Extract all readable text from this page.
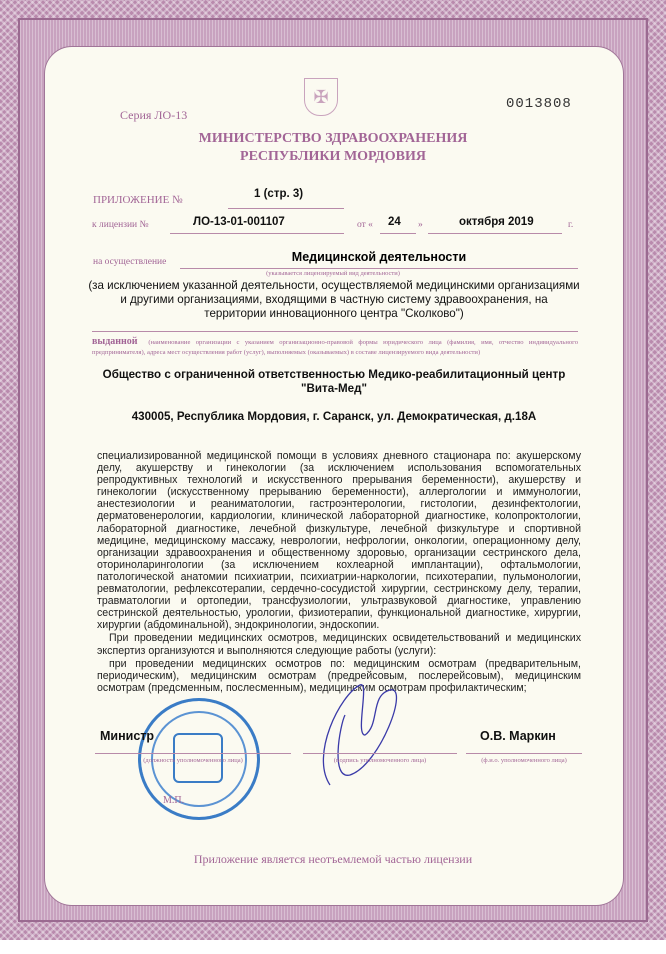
✠
Серия ЛО-13
0013808
МИНИСТЕРСТВО ЗДРАВООХРАНЕНИЯ
РЕСПУБЛИКИ МОРДОВИЯ
ПРИЛОЖЕНИЕ №	1 (стр. 3)
к лицензии №	ЛО-13-01-001107	от « 24 »	октября 2019	г.
на осуществление	Медицинской деятельности
(указывается лицензируемый вид деятельности)
(за исключением указанной деятельности, осуществляемой медицинскими организациями и другими организациями, входящими в частную систему здравоохранения, на территории инновационного центра "Сколково")
выданной (наименование организации с указанием организационно-правовой формы юридического лица (фамилия, имя, отчество индивидуального предпринимателя), адреса мест осуществления работ (услуг), выполняемых (оказываемых) в составе лицензируемого вида деятельности)
Общество с ограниченной ответственностью Медико-реабилитационный центр "Вита-Мед"
430005, Республика Мордовия, г. Саранск, ул. Демократическая, д.18А

специализированной медицинской помощи в условиях дневного стационара по: акушерскому делу, акушерству и гинекологии (за исключением использования вспомогательных репродуктивных технологий и искусственного прерывания беременности), акушерству и гинекологии (искусственному прерыванию беременности), аллергологии и иммунологии, анестезиологии и реаниматологии, гастроэнтерологии, гистологии, дезинфектологии, дерматовенерологии, кардиологии, клинической лабораторной диагностике, колопроктологии, лабораторной диагностике, лечебной физкультуре, лечебной физкультуре и спортивной медицине, медицинскому массажу, неврологии, нефрологии, онкологии, операционному делу, организации здравоохранения и общественному здоровью, организации сестринского дела, оториноларингологии (за исключением кохлеарной имплантации), офтальмологии, патологической анатомии психиатрии, психиатрии-наркологии, психотерапии, пульмонологии, ревматологии, рефлексотерапии, сердечно-сосудистой хирургии, сестринскому делу, терапии, травматологии и ортопедии, трансфузиологии, ультразвуковой диагностике, управлению сестринской деятельностью, урологии, физиотерапии, функциональной диагностике, хирургии, хирургии (абдоминальной), эндокринологии, эндоскопии.

При проведении медицинских осмотров, медицинских освидетельствований и медицинских экспертиз организуются и выполняются следующие работы (услуги):

при проведении медицинских осмотров по: медицинским осмотрам (предварительным, периодическим), медицинским осмотрам (предрейсовым, послерейсовым), медицинским осмотрам (предсменным, послесменным), медицинским осмотрам профилактическим;

Министр	О.В. Маркин
(должность уполномоченного лица)	(подпись уполномоченного лица)	(ф.и.о. уполномоченного лица)
М.П.
Приложение является неотъемлемой частью лицензии
